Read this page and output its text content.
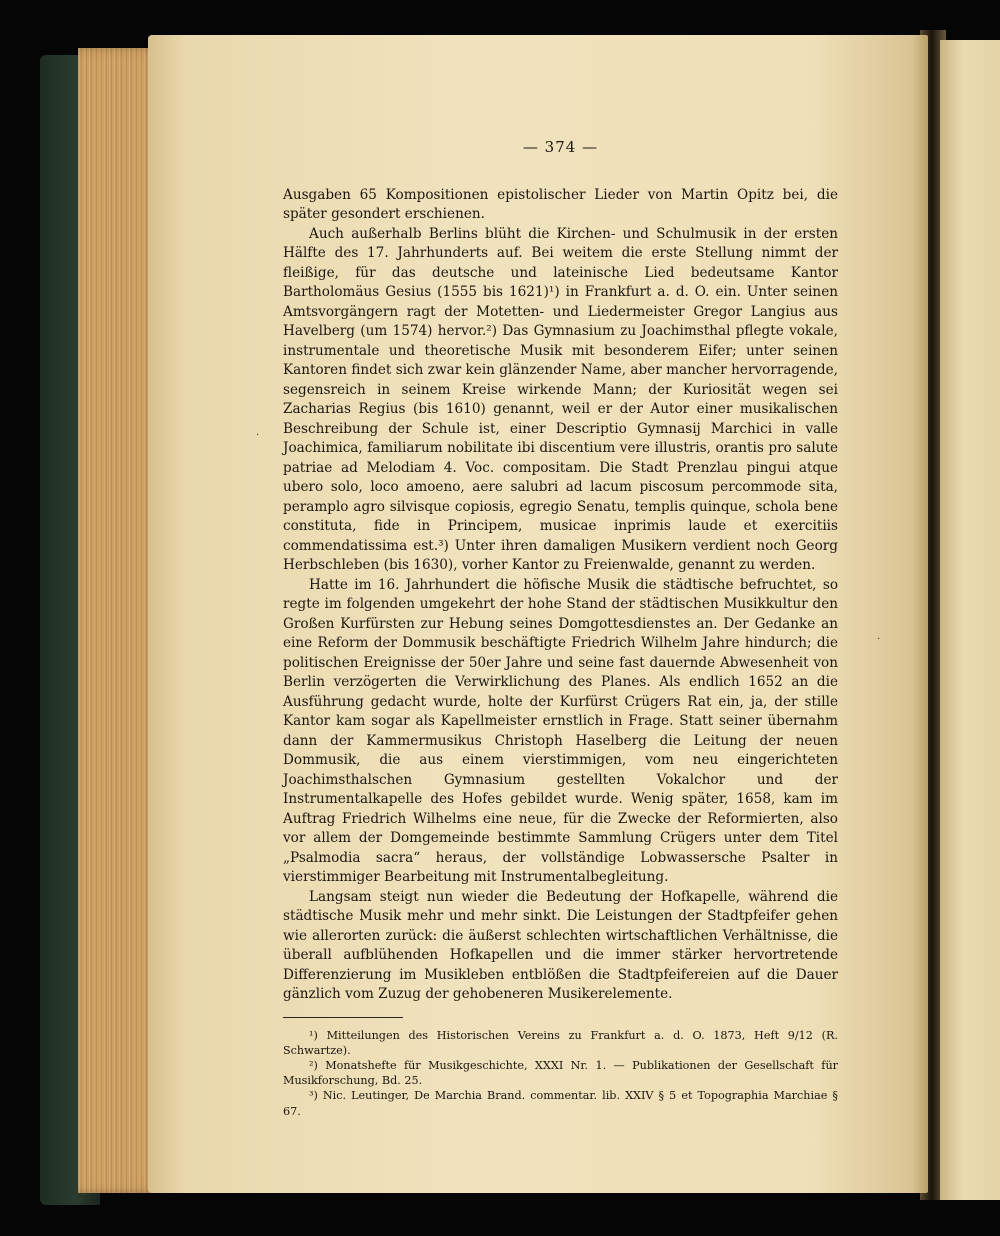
— 374 —

Ausgaben 65 Kompositionen epistolischer Lieder von Martin Opitz bei, die später gesondert erschienen.

Auch außerhalb Berlins blüht die Kirchen- und Schulmusik in der ersten Hälfte des 17. Jahrhunderts auf. Bei weitem die erste Stellung nimmt der fleißige, für das deutsche und lateinische Lied bedeutsame Kantor Bartholomäus Gesius (1555 bis 1621)¹) in Frankfurt a. d. O. ein. Unter seinen Amtsvorgängern ragt der Motetten- und Liedermeister Gregor Langius aus Havelberg (um 1574) hervor.²) Das Gymnasium zu Joachimsthal pflegte vokale, instrumentale und theoretische Musik mit besonderem Eifer; unter seinen Kantoren findet sich zwar kein glänzender Name, aber mancher hervorragende, segensreich in seinem Kreise wirkende Mann; der Kuriosität wegen sei Zacharias Regius (bis 1610) genannt, weil er der Autor einer musikalischen Beschreibung der Schule ist, einer Descriptio Gymnasij Marchici in valle Joachimica, familiarum nobilitate ibi discentium vere illustris, orantis pro salute patriae ad Melodiam 4. Voc. compositam. Die Stadt Prenzlau pingui atque ubero solo, loco amoeno, aere salubri ad lacum piscosum percommode sita, peramplo agro silvisque copiosis, egregio Senatu, templis quinque, schola bene constituta, fide in Principem, musicae inprimis laude et exercitiis commendatissima est.³) Unter ihren damaligen Musikern verdient noch Georg Herbschleben (bis 1630), vorher Kantor zu Freienwalde, genannt zu werden.

Hatte im 16. Jahrhundert die höfische Musik die städtische befruchtet, so regte im folgenden umgekehrt der hohe Stand der städtischen Musikkultur den Großen Kurfürsten zur Hebung seines Domgottesdienstes an. Der Gedanke an eine Reform der Dommusik beschäftigte Friedrich Wilhelm Jahre hindurch; die politischen Ereignisse der 50er Jahre und seine fast dauernde Abwesenheit von Berlin verzögerten die Verwirklichung des Planes. Als endlich 1652 an die Ausführung gedacht wurde, holte der Kurfürst Crügers Rat ein, ja, der stille Kantor kam sogar als Kapellmeister ernstlich in Frage. Statt seiner übernahm dann der Kammermusikus Christoph Haselberg die Leitung der neuen Dommusik, die aus einem vierstimmigen, vom neu eingerichteten Joachimsthalschen Gymnasium gestellten Vokalchor und der Instrumentalkapelle des Hofes gebildet wurde. Wenig später, 1658, kam im Auftrag Friedrich Wilhelms eine neue, für die Zwecke der Reformierten, also vor allem der Domgemeinde bestimmte Sammlung Crügers unter dem Titel „Psalmodia sacra“ heraus, der vollständige Lobwassersche Psalter in vierstimmiger Bearbeitung mit Instrumentalbegleitung.

Langsam steigt nun wieder die Bedeutung der Hofkapelle, während die städtische Musik mehr und mehr sinkt. Die Leistungen der Stadtpfeifer gehen wie allerorten zurück: die äußerst schlechten wirtschaftlichen Verhältnisse, die überall aufblühenden Hofkapellen und die immer stärker hervortretende Differenzierung im Musikleben entblößen die Stadtpfeifereien auf die Dauer gänzlich vom Zuzug der gehobeneren Musikerelemente.

¹) Mitteilungen des Historischen Vereins zu Frankfurt a. d. O. 1873, Heft 9/12 (R. Schwartze).

²) Monatshefte für Musikgeschichte, XXXI Nr. 1. — Publikationen der Gesellschaft für Musikforschung, Bd. 25.

³) Nic. Leutinger, De Marchia Brand. commentar. lib. XXIV § 5 et Topographia Marchiae § 67.

·
·
